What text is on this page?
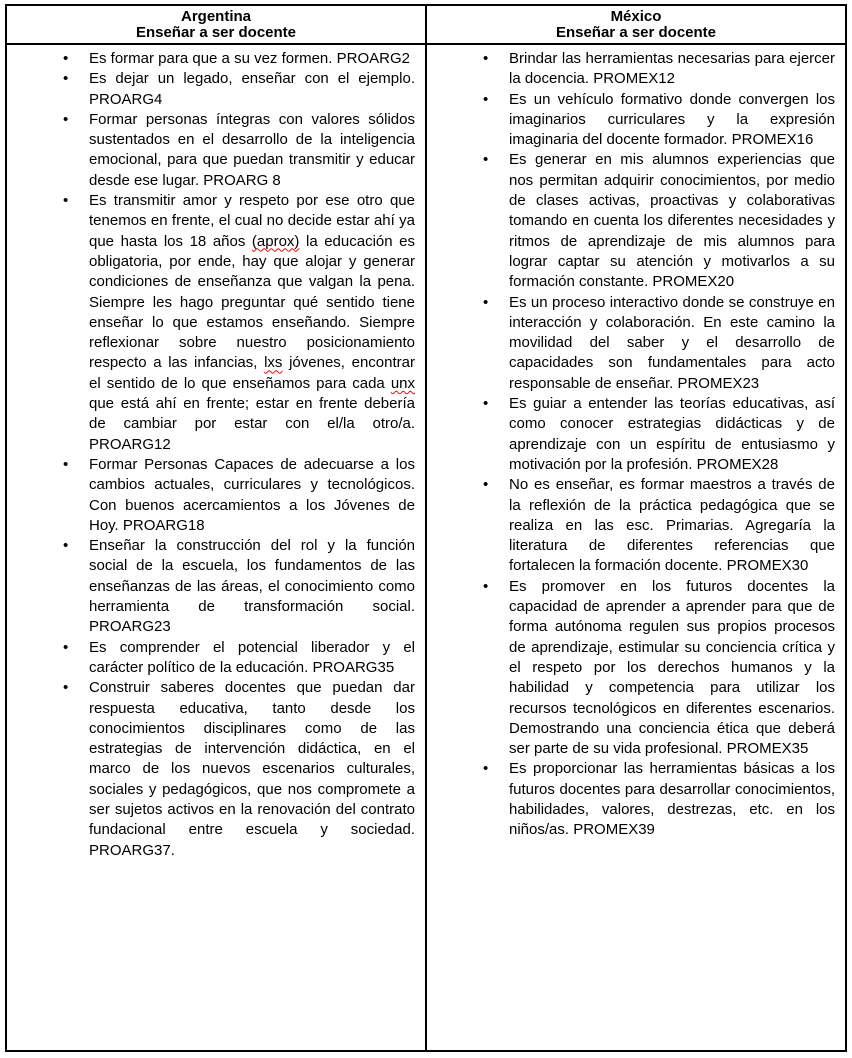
Argentina
Enseñar a ser docente

México
Enseñar a ser docente

• Es formar para que a su vez formen. PROARG2
• Es dejar un legado, enseñar con el ejemplo. PROARG4
• Formar personas íntegras con valores sólidos sustentados en el desarrollo de la inteligencia emocional, para que puedan transmitir y educar desde ese lugar. PROARG 8
• Es transmitir amor y respeto por ese otro que tenemos en frente, el cual no decide estar ahí ya que hasta los 18 años (aprox) la educación es obligatoria, por ende, hay que alojar y generar condiciones de enseñanza que valgan la pena. Siempre les hago preguntar qué sentido tiene enseñar lo que estamos enseñando. Siempre reflexionar sobre nuestro posicionamiento respecto a las infancias, lxs jóvenes, encontrar el sentido de lo que enseñamos para cada unx que está ahí en frente; estar en frente debería de cambiar por estar con el/la otro/a. PROARG12
• Formar Personas Capaces de adecuarse a los cambios actuales, curriculares y tecnológicos. Con buenos acercamientos a los Jóvenes de Hoy. PROARG18
• Enseñar la construcción del rol y la función social de la escuela, los fundamentos de las enseñanzas de las áreas, el conocimiento como herramienta de transformación social. PROARG23
• Es comprender el potencial liberador y el carácter político de la educación. PROARG35
• Construir saberes docentes que puedan dar respuesta educativa, tanto desde los conocimientos disciplinares como de las estrategias de intervención didáctica, en el marco de los nuevos escenarios culturales, sociales y pedagógicos, que nos compromete a ser sujetos activos en la renovación del contrato fundacional entre escuela y sociedad. PROARG37.

• Brindar las herramientas necesarias para ejercer la docencia. PROMEX12
• Es un vehículo formativo donde convergen los imaginarios curriculares y la expresión imaginaria del docente formador. PROMEX16
• Es generar en mis alumnos experiencias que nos permitan adquirir conocimientos, por medio de clases activas, proactivas y colaborativas tomando en cuenta los diferentes necesidades y ritmos de aprendizaje de mis alumnos para lograr captar su atención y motivarlos a su formación constante. PROMEX20
• Es un proceso interactivo donde se construye en interacción y colaboración. En este camino la movilidad del saber y el desarrollo de capacidades son fundamentales para acto responsable de enseñar. PROMEX23
• Es guiar a entender las teorías educativas, así como conocer estrategias didácticas y de aprendizaje con un espíritu de entusiasmo y motivación por la profesión. PROMEX28
• No es enseñar, es formar maestros a través de la reflexión de la práctica pedagógica que se realiza en las esc. Primarias. Agregaría la literatura de diferentes referencias que fortalecen la formación docente. PROMEX30
• Es promover en los futuros docentes la capacidad de aprender a aprender para que de forma autónoma regulen sus propios procesos de aprendizaje, estimular su conciencia crítica y el respeto por los derechos humanos y la habilidad y competencia para utilizar los recursos tecnológicos en diferentes escenarios. Demostrando una conciencia ética que deberá ser parte de su vida profesional. PROMEX35
• Es proporcionar las herramientas básicas a los futuros docentes para desarrollar conocimientos, habilidades, valores, destrezas, etc. en los niños/as. PROMEX39
